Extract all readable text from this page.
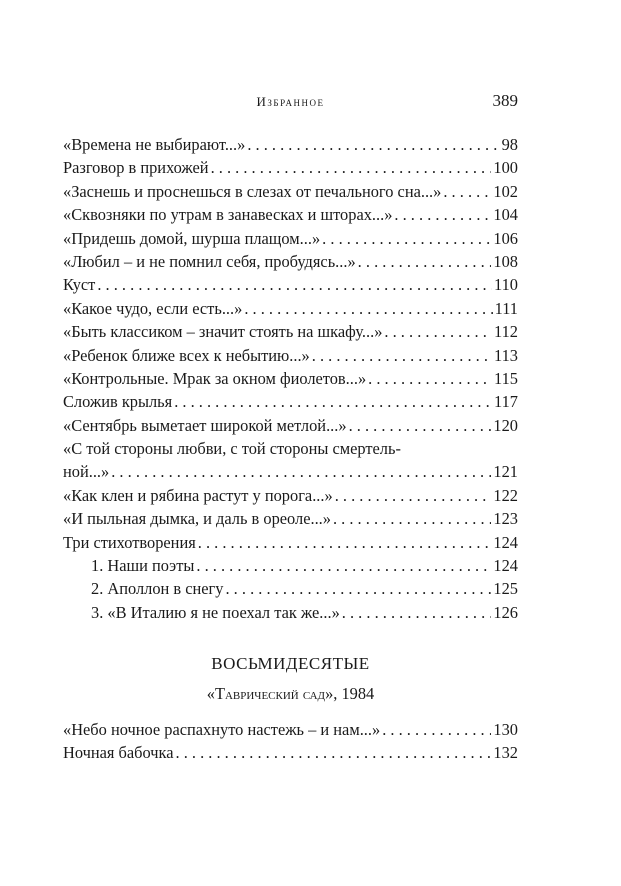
Избранное	389
«Времена не выбирают...» . . .	98
Разговор в прихожей . . .	100
«Заснешь и проснешься в слезах от печального сна...» . . .	102
«Сквозняки по утрам в занавесках и шторах...» . . .	104
«Придешь домой, шурша плащом...» . . .	106
«Любил – и не помнил себя, пробудясь...» . . .	108
Куст . . .	110
«Какое чудо, если есть...» . . .	111
«Быть классиком – значит стоять на шкафу...» . . .	112
«Ребенок ближе всех к небытию...» . . .	113
«Контрольные. Мрак за окном фиолетов...» . . .	115
Сложив крылья . . .	117
«Сентябрь выметает широкой метлой...» . . .	120
«С той стороны любви, с той стороны смертель-
ной...» . . .	121
«Как клен и рябина растут у порога...» . . .	122
«И пыльная дымка, и даль в ореоле...» . . .	123
Три стихотворения . . .	124
1. Наши поэты . . .	124
2. Аполлон в снегу . . .	125
3. «В Италию я не поехал так же...» . . .	126
ВОСЬМИДЕСЯТЫЕ
«Таврический сад», 1984
«Небо ночное распахнуто настежь – и нам...» . . .	130
Ночная бабочка . . .	132
